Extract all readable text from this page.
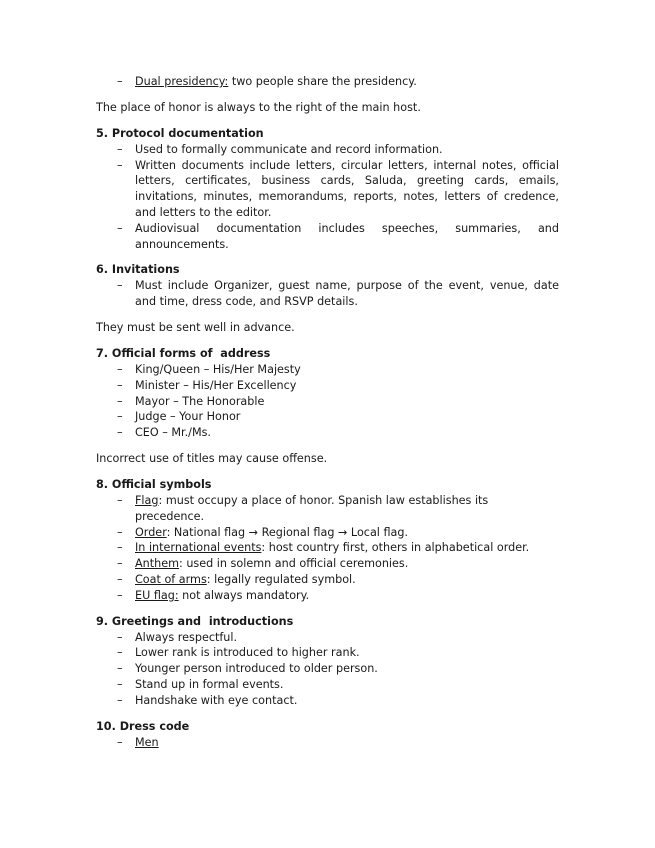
– Dual presidency: two people share the presidency.

The place of honor is always to the right of the main host.

5. Protocol documentation

– Used to formally communicate and record information.
– Written documents include letters, circular letters, internal notes, official letters, certificates, business cards, Saluda, greeting cards, emails, invitations, minutes, memorandums, reports, notes, letters of credence, and letters to the editor.
– Audiovisual documentation includes speeches, summaries, and announcements.

6. Invitations

– Must include Organizer, guest name, purpose of the event, venue, date and time, dress code, and RSVP details.

They must be sent well in advance.

7. Official forms of  address

– King/Queen – His/Her Majesty
– Minister – His/Her Excellency
– Mayor – The Honorable
– Judge – Your Honor
– CEO – Mr./Ms.

Incorrect use of titles may cause offense.

8. Official symbols

– Flag: must occupy a place of honor. Spanish law establishes its precedence.
– Order: National flag → Regional flag → Local flag.
– In international events: host country first, others in alphabetical order.
– Anthem: used in solemn and official ceremonies.
– Coat of arms: legally regulated symbol.
– EU flag: not always mandatory.

9. Greetings and  introductions

– Always respectful.
– Lower rank is introduced to higher rank.
– Younger person introduced to older person.
– Stand up in formal events.
– Handshake with eye contact.

10. Dress code

– Men
